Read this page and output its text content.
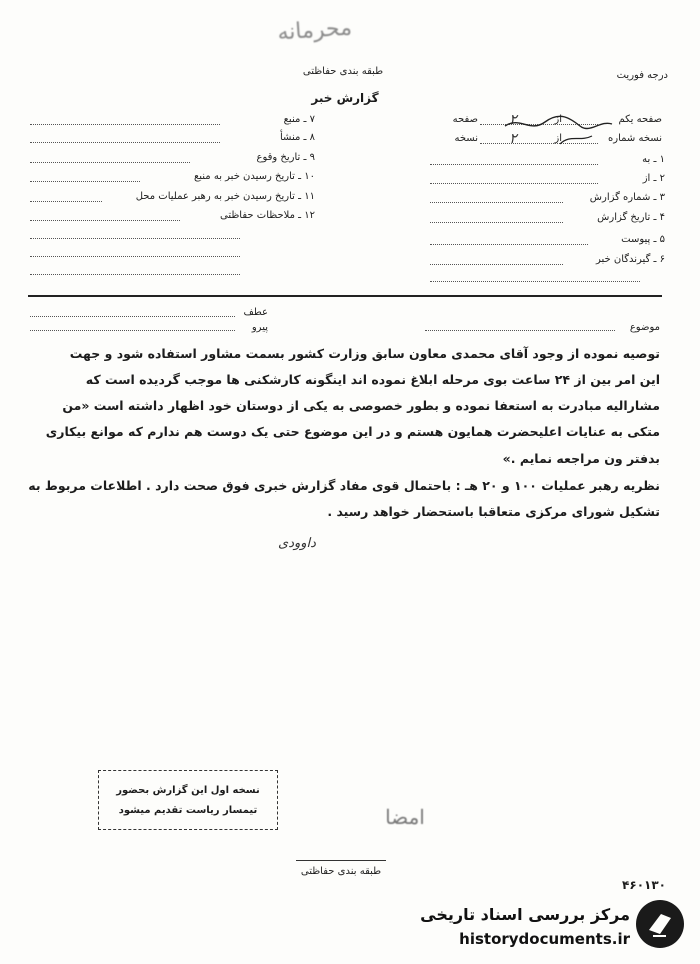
محرمانه
طبقه بندی حفاظتی	درجه فوریت
گزارش خبر
۷ ـ منبع
۸ ـ منشأ
۹ ـ تاریخ وقوع
۱۰ ـ تاریخ رسیدن خبر به منبع
۱۱ ـ تاریخ رسیدن خبر به رهبر عملیات محل
۱۲ ـ ملاحظات حفاظتی
صفحه یکم
نسخه شماره
صفحه
نسخه
از
از
۲
۲
۱ ـ به
۲ ـ از
۳ ـ شماره گزارش
۴ ـ تاریخ گزارش
۵ ـ پیوست
۶ ـ گیرندگان خبر
موضوع
عطف
پیرو
توصیه نموده از وجود آقای محمدی معاون سابق وزارت کشور بسمت مشاور استفاده شود و جهت
این امر بین از ۲۴ ساعت بوی مرحله ابلاغ نموده اند اینگونه کارشکنی ها موجب گردیده است که
مشارالیه مبادرت به استعفا نموده و بطور خصوصی به یکی از دوستان خود اظهار داشته است «من
متکی به عنایات اعلیحضرت همایون هستم و در این موضوع حتی یک دوست هم ندارم که موانع بیکاری
بدفتر ون مراجعه نمایم .»
نظریه رهبر عملیات ۱۰۰ و ۲۰ هـ : باحتمال قوی مفاد گزارش خبری فوق صحت دارد . اطلاعات مربوط به
تشکیل شورای مرکزی متعاقبا باستحضار خواهد رسید .
داوودی
نسخه اول این گزارش بحضور
تیمسار ریاست تقدیم میشود	امضا
طبقه بندی حفاظتی
۴۶۰۱۳۰
مرکز بررسی اسناد تاریخی
historydocuments.ir
